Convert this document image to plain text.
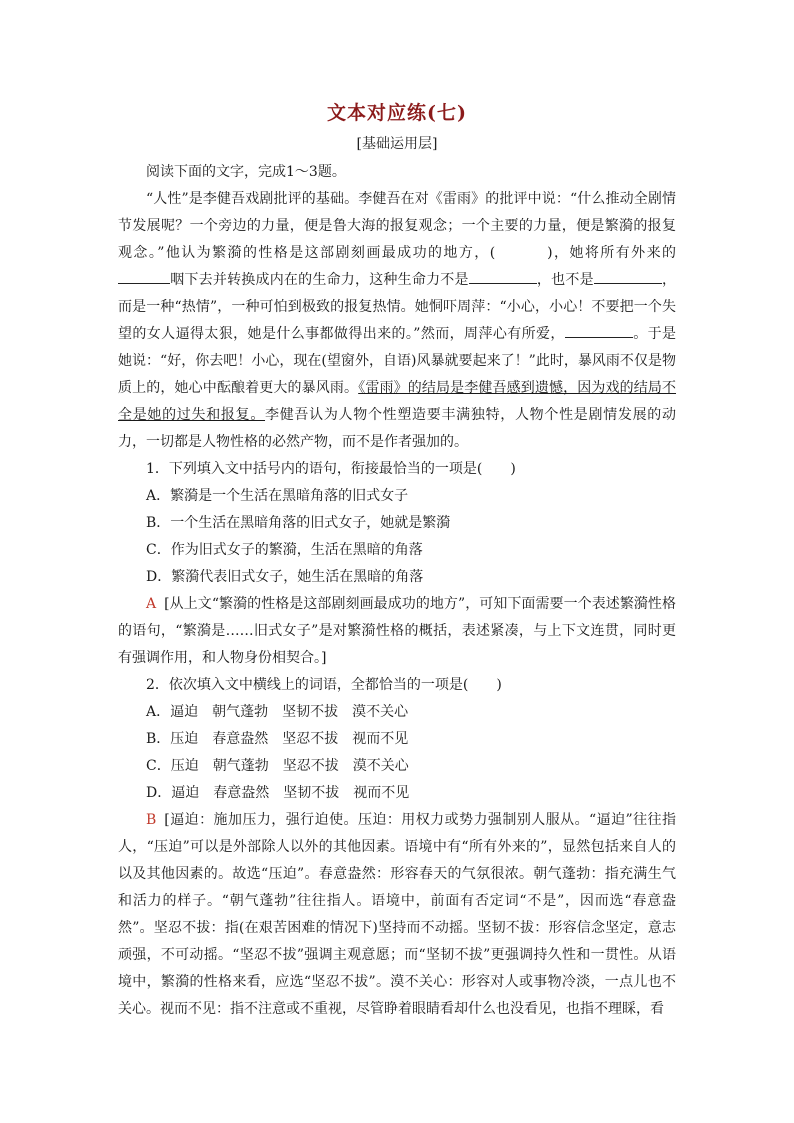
文本对应练(七)
[基础运用层]

阅读下面的文字，完成1～3题。

“人性”是李健吾戏剧批评的基础。李健吾在对《雷雨》的批评中说：“什么推动全剧情节发展呢？一个旁边的力量，便是鲁大海的报复观念；一个主要的力量，便是繁漪的报复观念。”他认为繁漪的性格是这部剧刻画最成功的地方，(	)，她将所有外来的咽下去并转换成内在的生命力，这种生命力不是	，也不是	，而是一种“热情”，一种可怕到极致的报复热情。她恫吓周萍：“小心，小心！不要把一个失望的女人逼得太狠，她是什么事都做得出来的。”然而，周萍心有所爱，	。于是她说：“好，你去吧！小心，现在(望窗外，自语)风暴就要起来了！”此时，暴风雨不仅是物质上的，她心中酝酿着更大的暴风雨。《雷雨》的结局是李健吾感到遗憾，因为戏的结局不全是她的过失和报复。李健吾认为人物个性塑造要丰满独特，人物个性是剧情发展的动力，一切都是人物性格的必然产物，而不是作者强加的。

1．下列填入文中括号内的语句，衔接最恰当的一项是(　　)

A．繁漪是一个生活在黑暗角落的旧式女子

B．一个生活在黑暗角落的旧式女子，她就是繁漪

C．作为旧式女子的繁漪，生活在黑暗的角落

D．繁漪代表旧式女子，她生活在黑暗的角落

A [从上文“繁漪的性格是这部剧刻画最成功的地方”，可知下面需要一个表述繁漪性格的语句，“繁漪是……旧式女子”是对繁漪性格的概括，表述紧凑，与上下文连贯，同时更有强调作用，和人物身份相契合。]

2．依次填入文中横线上的词语，全都恰当的一项是(　　)

A．逼迫　朝气蓬勃　坚韧不拔　漠不关心

B．压迫　春意盎然　坚忍不拔　视而不见

C．压迫　朝气蓬勃　坚忍不拔　漠不关心

D．逼迫　春意盎然　坚韧不拔　视而不见

B [逼迫：施加压力，强行迫使。压迫：用权力或势力强制别人服从。“逼迫”往往指人，“压迫”可以是外部除人以外的其他因素。语境中有“所有外来的”，显然包括来自人的以及其他因素的。故选“压迫”。春意盎然：形容春天的气氛很浓。朝气蓬勃：指充满生气和活力的样子。“朝气蓬勃”往往指人。语境中，前面有否定词“不是”，因而选“春意盎然”。坚忍不拔：指(在艰苦困难的情况下)坚持而不动摇。坚韧不拔：形容信念坚定，意志顽强，不可动摇。“坚忍不拔”强调主观意愿；而“坚韧不拔”更强调持久性和一贯性。从语境中，繁漪的性格来看，应选“坚忍不拔”。漠不关心：形容对人或事物冷淡，一点儿也不关心。视而不见：指不注意或不重视，尽管睁着眼睛看却什么也没看见，也指不理睬，看
